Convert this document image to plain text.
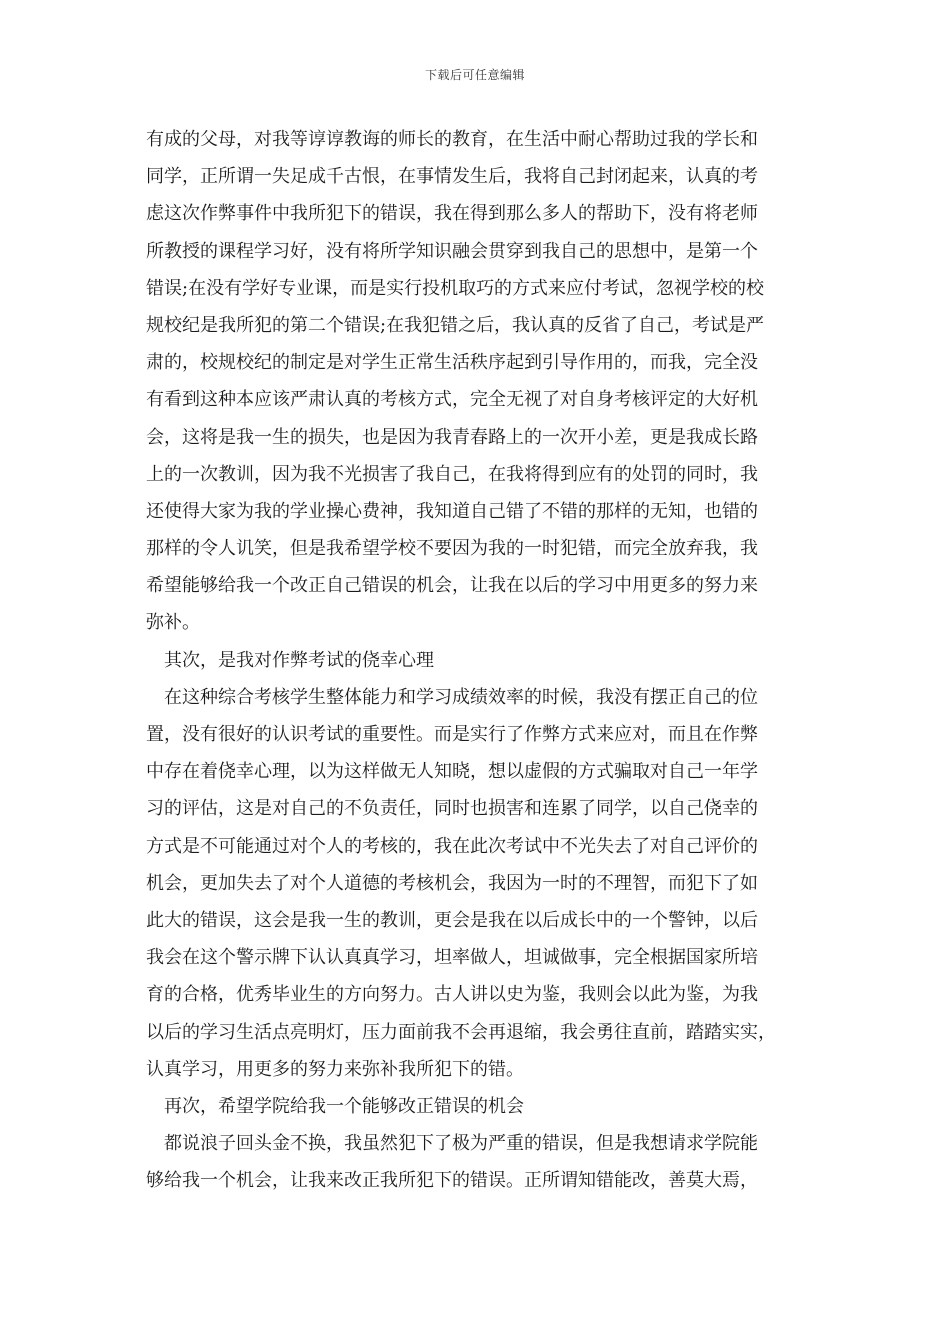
下载后可任意编辑
有成的父母，对我等谆谆教诲的师长的教育，在生活中耐心帮助过我的学长和
同学，正所谓一失足成千古恨，在事情发生后，我将自己封闭起来，认真的考
虑这次作弊事件中我所犯下的错误，我在得到那么多人的帮助下，没有将老师
所教授的课程学习好，没有将所学知识融会贯穿到我自己的思想中，是第一个
错误;在没有学好专业课，而是实行投机取巧的方式来应付考试，忽视学校的校
规校纪是我所犯的第二个错误;在我犯错之后，我认真的反省了自己，考试是严
肃的，校规校纪的制定是对学生正常生活秩序起到引导作用的，而我，完全没
有看到这种本应该严肃认真的考核方式，完全无视了对自身考核评定的大好机
会，这将是我一生的损失，也是因为我青春路上的一次开小差，更是我成长路
上的一次教训，因为我不光损害了我自己，在我将得到应有的处罚的同时，我
还使得大家为我的学业操心费神，我知道自己错了不错的那样的无知，也错的
那样的令人讥笑，但是我希望学校不要因为我的一时犯错，而完全放弃我，我
希望能够给我一个改正自己错误的机会，让我在以后的学习中用更多的努力来
弥补。
其次，是我对作弊考试的侥幸心理
在这种综合考核学生整体能力和学习成绩效率的时候，我没有摆正自己的位
置，没有很好的认识考试的重要性。而是实行了作弊方式来应对，而且在作弊
中存在着侥幸心理，以为这样做无人知晓，想以虚假的方式骗取对自己一年学
习的评估，这是对自己的不负责任，同时也损害和连累了同学，以自己侥幸的
方式是不可能通过对个人的考核的，我在此次考试中不光失去了对自己评价的
机会，更加失去了对个人道德的考核机会，我因为一时的不理智，而犯下了如
此大的错误，这会是我一生的教训，更会是我在以后成长中的一个警钟，以后
我会在这个警示牌下认认真真学习，坦率做人，坦诚做事，完全根据国家所培
育的合格，优秀毕业生的方向努力。古人讲以史为鉴，我则会以此为鉴，为我
以后的学习生活点亮明灯，压力面前我不会再退缩，我会勇往直前，踏踏实实，
认真学习，用更多的努力来弥补我所犯下的错。
再次，希望学院给我一个能够改正错误的机会
都说浪子回头金不换，我虽然犯下了极为严重的错误，但是我想请求学院能
够给我一个机会，让我来改正我所犯下的错误。正所谓知错能改，善莫大焉，
